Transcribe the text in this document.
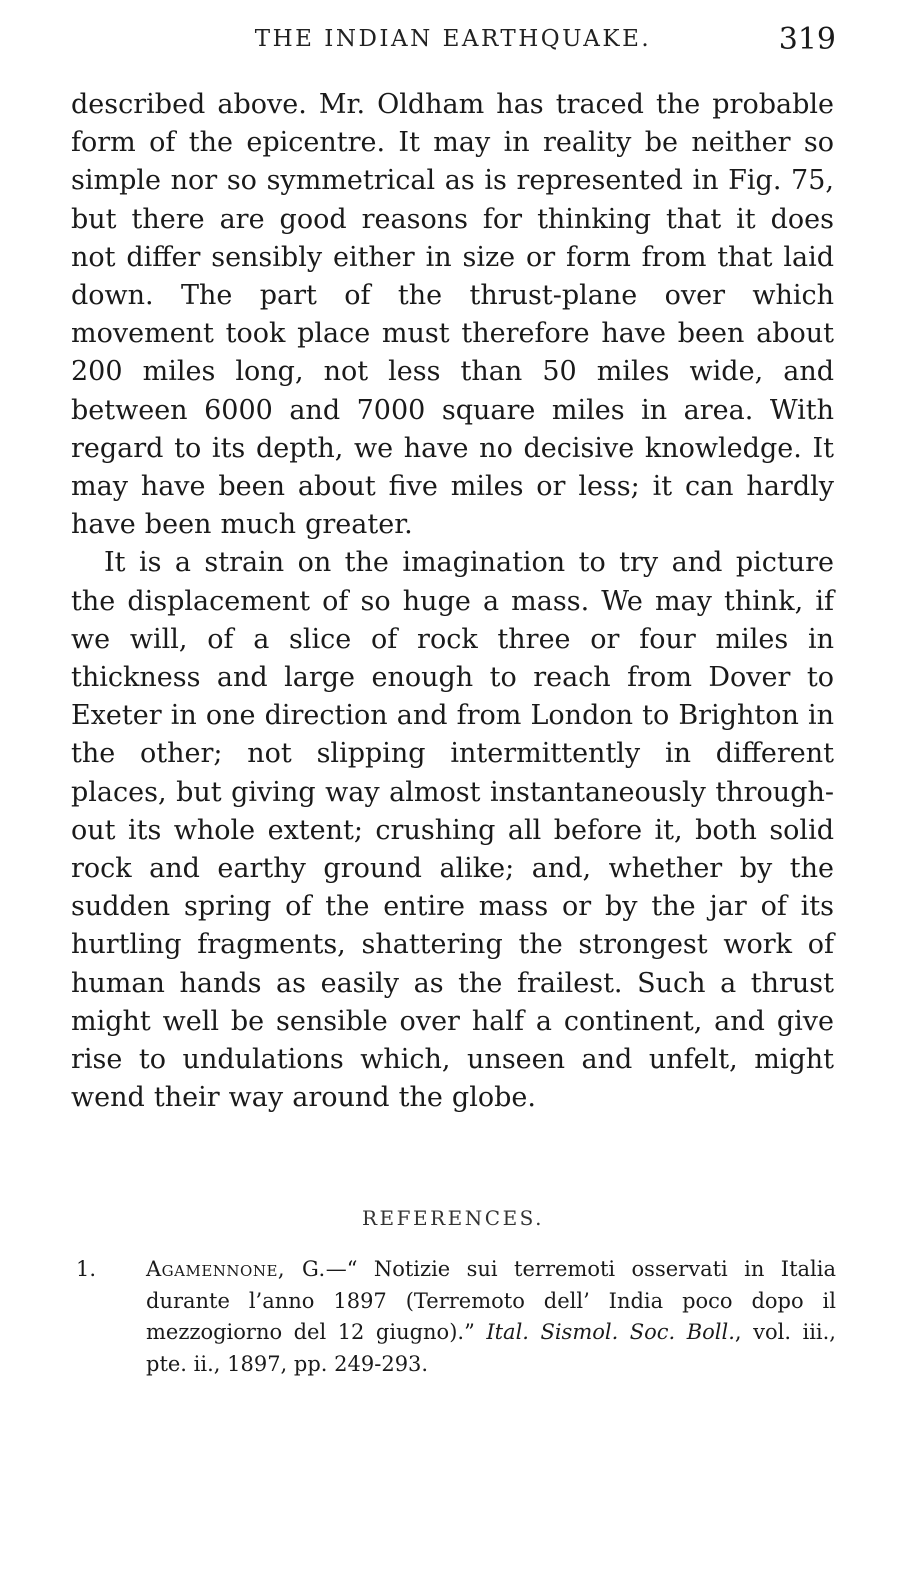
THE INDIAN EARTHQUAKE.	319

described above. Mr. Oldham has traced the probable form of the epicentre. It may in reality be neither so simple nor so symmetrical as is represented in Fig. 75, but there are good reasons for thinking that it does not differ sensibly either in size or form from that laid down. The part of the thrust-plane over which movement took place must therefore have been about 200 miles long, not less than 50 miles wide, and between 6000 and 7000 square miles in area. With regard to its depth, we have no decisive knowledge. It may have been about five miles or less; it can hardly have been much greater.

It is a strain on the imagination to try and picture the displacement of so huge a mass. We may think, if we will, of a slice of rock three or four miles in thickness and large enough to reach from Dover to Exeter in one direction and from London to Brighton in the other; not slipping intermittently in different places, but giving way almost instantaneously throughout its whole extent; crushing all before it, both solid rock and earthy ground alike; and, whether by the sudden spring of the entire mass or by the jar of its hurtling fragments, shattering the strongest work of human hands as easily as the frailest. Such a thrust might well be sensible over half a continent, and give rise to undulations which, unseen and unfelt, might wend their way around the globe.

REFERENCES.
1. Agamennone, G.—“ Notizie sui terremoti osservati in Italia durante l’anno 1897 (Terremoto dell’ India poco dopo il mezzogiorno del 12 giugno).” Ital. Sismol. Soc. Boll., vol. iii., pte. ii., 1897, pp. 249-293.
